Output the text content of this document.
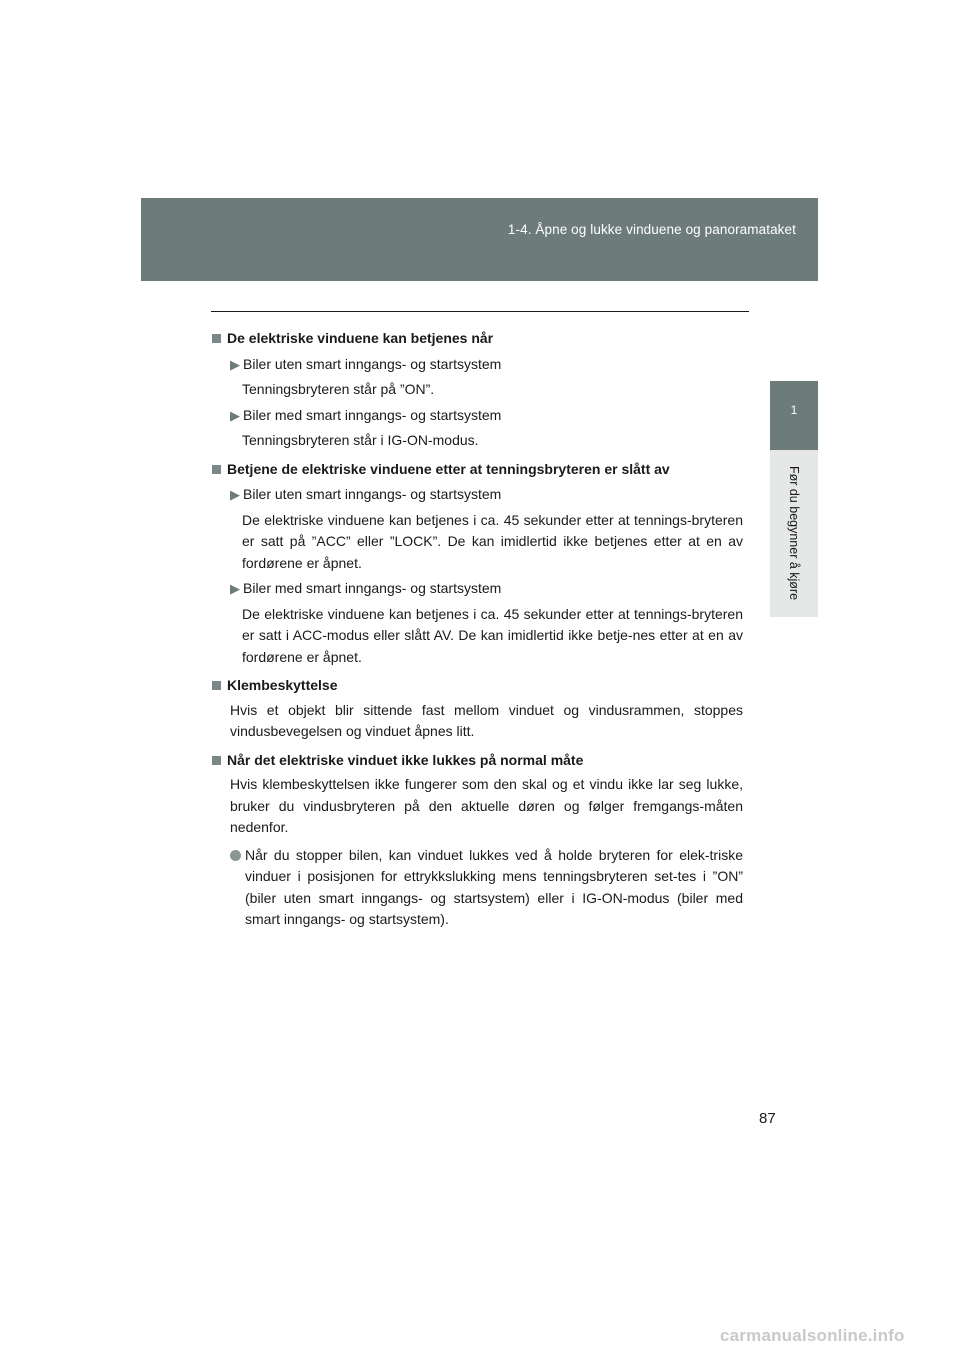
1-4. Åpne og lukke vinduene og panoramataket
1
Før du begynner å kjøre

De elektriske vinduene kan betjenes når

▶ Biler uten smart inngangs- og startsystem

Tenningsbryteren står på ”ON”.

▶ Biler med smart inngangs- og startsystem

Tenningsbryteren står i IG-ON-modus.

Betjene de elektriske vinduene etter at tenningsbryteren er slått av

▶ Biler uten smart inngangs- og startsystem

De elektriske vinduene kan betjenes i ca. 45 sekunder etter at tennings-bryteren er satt på ”ACC” eller ”LOCK”. De kan imidlertid ikke betjenes etter at en av fordørene er åpnet.

▶ Biler med smart inngangs- og startsystem

De elektriske vinduene kan betjenes i ca. 45 sekunder etter at tennings-bryteren er satt i ACC-modus eller slått AV. De kan imidlertid ikke betje-nes etter at en av fordørene er åpnet.

Klembeskyttelse

Hvis et objekt blir sittende fast mellom vinduet og vindusrammen, stoppes vindusbevegelsen og vinduet åpnes litt.

Når det elektriske vinduet ikke lukkes på normal måte

Hvis klembeskyttelsen ikke fungerer som den skal og et vindu ikke lar seg lukke, bruker du vindusbryteren på den aktuelle døren og følger fremgangs-måten nedenfor.

Når du stopper bilen, kan vinduet lukkes ved å holde bryteren for elek-triske vinduer i posisjonen for ettrykkslukking mens tenningsbryteren set-tes i ”ON” (biler uten smart inngangs- og startsystem) eller i IG-ON-modus (biler med smart inngangs- og startsystem).
87
carmanualsonline.info
